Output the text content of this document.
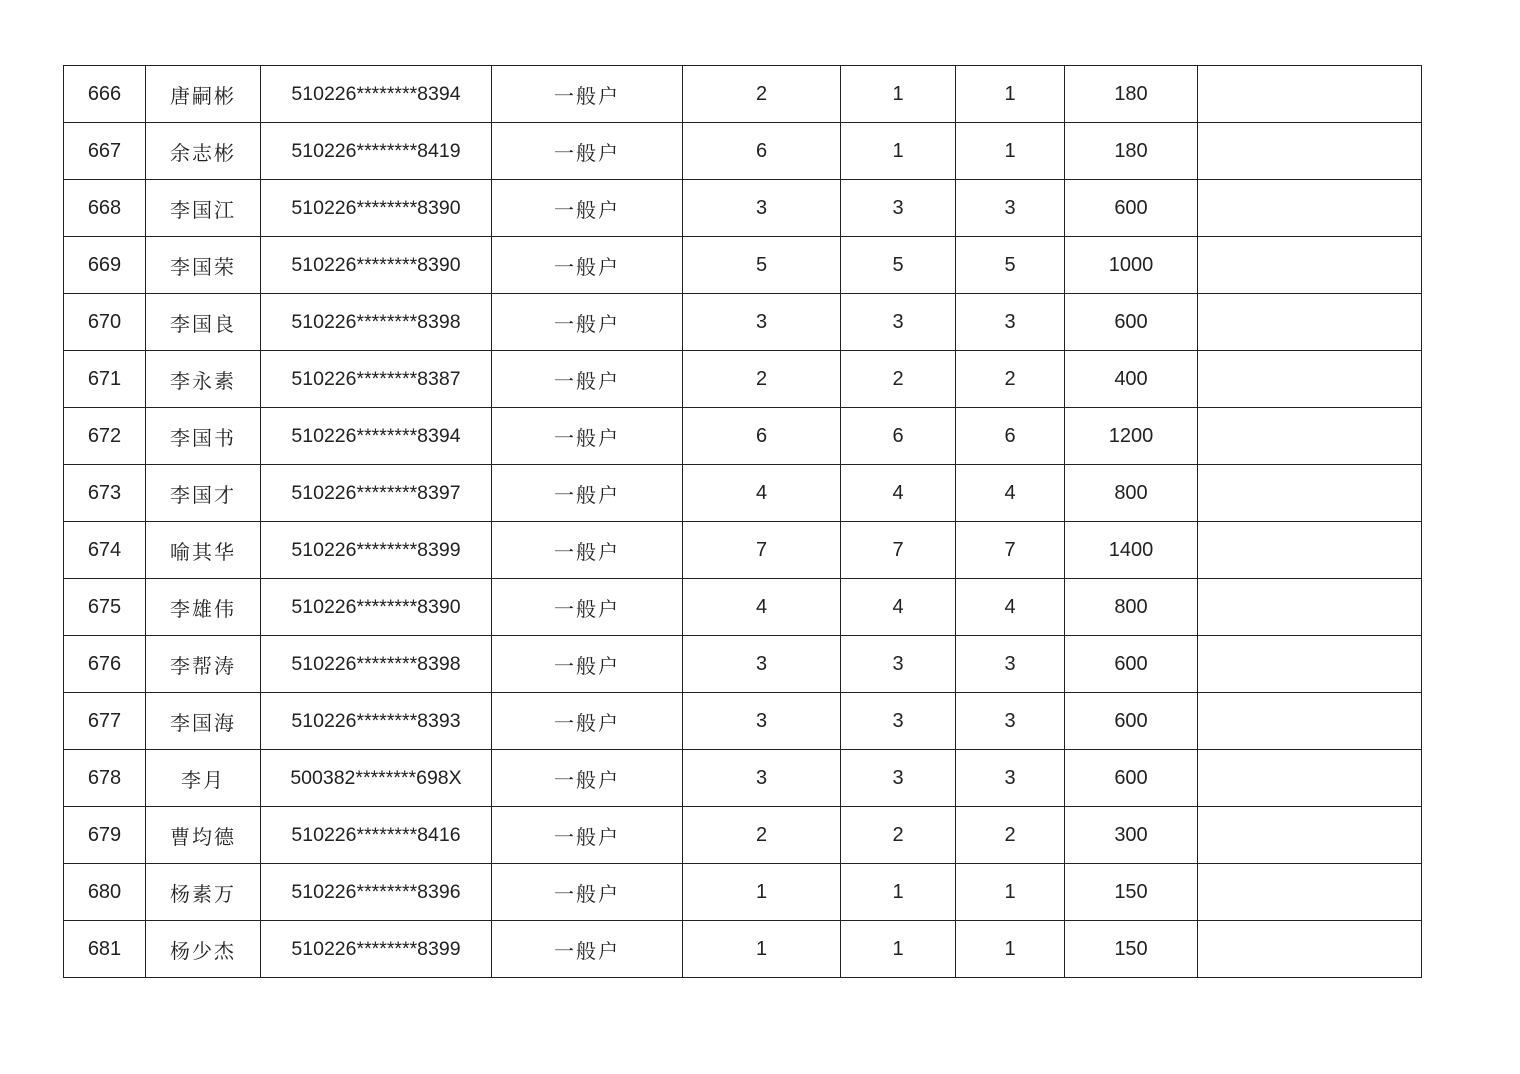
666	唐嗣彬	510226********8394	一般户	2	1	1	180	
667	余志彬	510226********8419	一般户	6	1	1	180	
668	李国江	510226********8390	一般户	3	3	3	600	
669	李国荣	510226********8390	一般户	5	5	5	1000	
670	李国良	510226********8398	一般户	3	3	3	600	
671	李永素	510226********8387	一般户	2	2	2	400	
672	李国书	510226********8394	一般户	6	6	6	1200	
673	李国才	510226********8397	一般户	4	4	4	800	
674	喻其华	510226********8399	一般户	7	7	7	1400	
675	李雄伟	510226********8390	一般户	4	4	4	800	
676	李帮涛	510226********8398	一般户	3	3	3	600	
677	李国海	510226********8393	一般户	3	3	3	600	
678	李月	500382********698X	一般户	3	3	3	600	
679	曹均德	510226********8416	一般户	2	2	2	300	
680	杨素万	510226********8396	一般户	1	1	1	150	
681	杨少杰	510226********8399	一般户	1	1	1	150	
